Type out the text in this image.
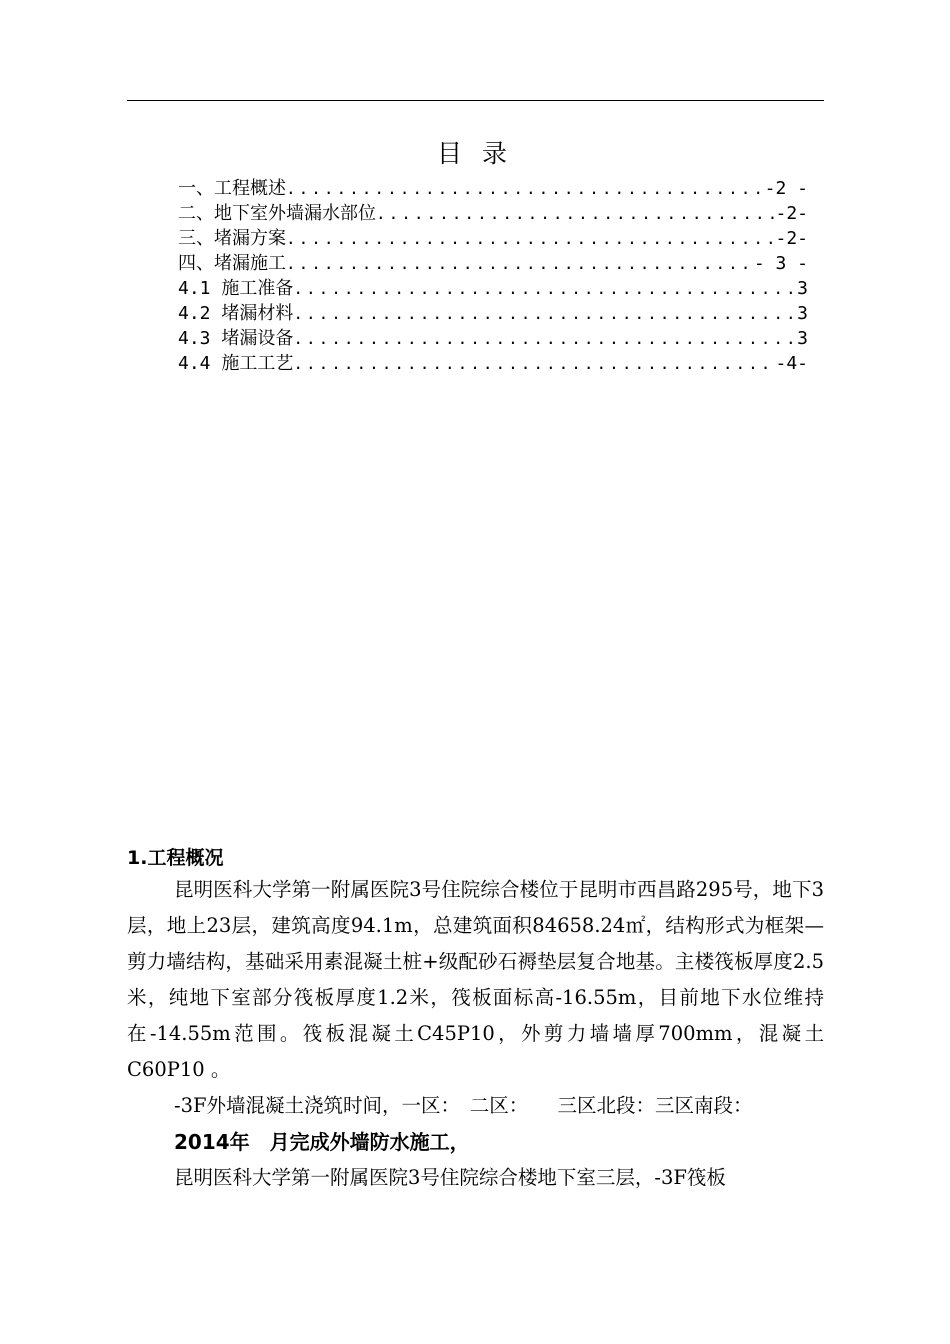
目 录
一、工程概述 .....	-2 -
二、地下室外墙漏水部位 .....	-2-
三、堵漏方案 .....	-2-
四、堵漏施工 .....	- 3 -
4.1 施工准备 .....	3
4.2 堵漏材料 .....	3
4.3 堵漏设备 .....	3
4.4 施工工艺 .....	-4-
1.工程概况

昆明医科大学第一附属医院3号住院综合楼位于昆明市西昌路295号，地下3层，地上23层，建筑高度94.1m，总建筑面积84658.24㎡，结构形式为框架—剪力墙结构，基础采用素混凝土桩+级配砂石褥垫层复合地基。主楼筏板厚度2.5米，纯地下室部分筏板厚度1.2米，筏板面标高-16.55m，目前地下水位维持在-14.55m范围。筏板混凝土C45P10，外剪力墙墙厚700mm，混凝土C60P10 。

-3F外墙混凝土浇筑时间，一区：　二区：　　三区北段：三区南段：

2014年　月完成外墙防水施工，

昆明医科大学第一附属医院3号住院综合楼地下室三层，-3F筏板
